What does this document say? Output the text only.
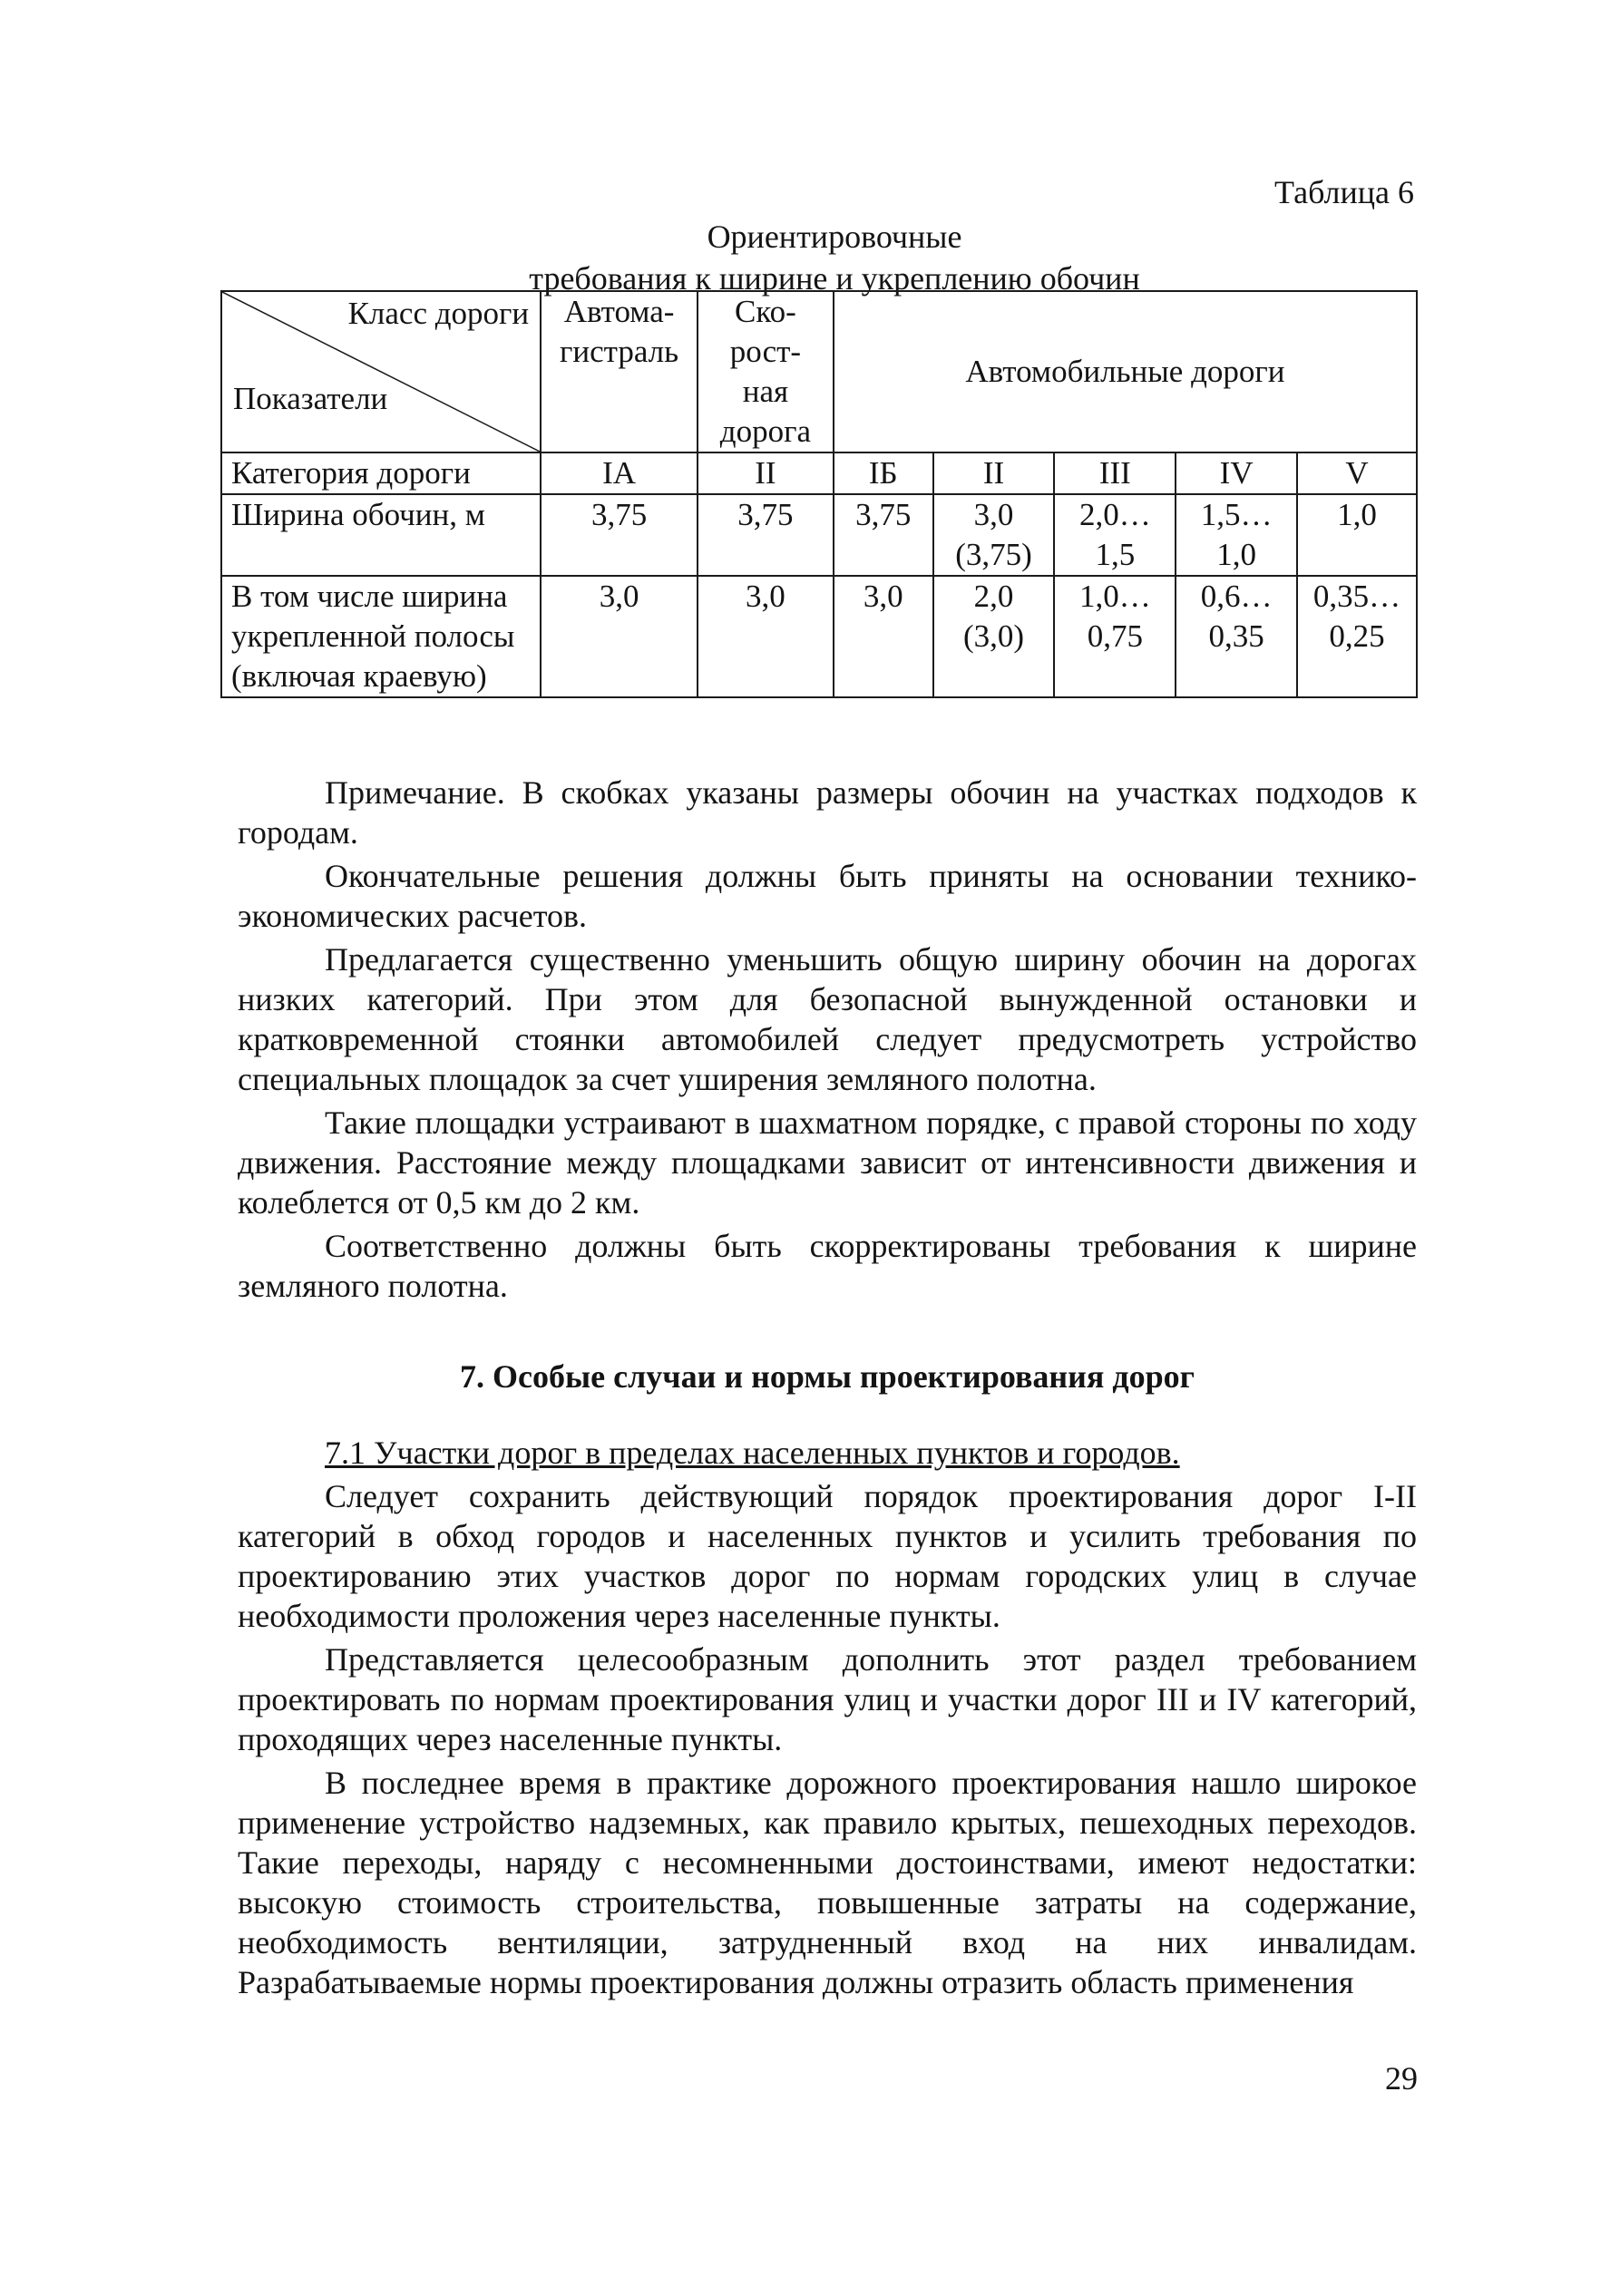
Таблица 6
Ориентировочные
требования к ширине и укреплению обочин
Класс дороги
Показатели	Автома-гистраль	Ско-рост-ная дорога	Автомобильные дороги				
Категория дороги	IA	II	IБ	II	III	IV	V
Ширина обочин, м	3,75	3,75	3,75	3,0 (3,75)	2,0… 1,5	1,5… 1,0	1,0
В том числе ширина укрепленной полосы (включая краевую)	3,0	3,0	3,0	2,0 (3,0)	1,0… 0,75	0,6… 0,35	0,35… 0,25

Примечание. В скобках указаны размеры обочин на участках подходов к городам.

Окончательные решения должны быть приняты на основании технико-экономических расчетов.

Предлагается существенно уменьшить общую ширину обочин на дорогах низких категорий. При этом для безопасной вынужденной остановки и кратковременной стоянки автомобилей следует предусмотреть устройство специальных площадок за счет уширения земляного полотна.

Такие площадки устраивают в шахматном порядке, с правой стороны по ходу движения. Расстояние между площадками зависит от интенсивности движения и колеблется от 0,5 км до 2 км.

Соответственно должны быть скорректированы требования к ширине земляного полотна.

7. Особые случаи и нормы проектирования дорог

7.1 Участки дорог в пределах населенных пунктов и городов.

Следует сохранить действующий порядок проектирования дорог I-II категорий в обход городов и населенных пунктов и усилить требования по проектированию этих участков дорог по нормам городских улиц в случае необходимости проложения через населенные пункты.

Представляется целесообразным дополнить этот раздел требованием проектировать по нормам проектирования улиц и участки дорог III и IV категорий, проходящих через населенные пункты.

В последнее время в практике дорожного проектирования нашло широкое применение устройство надземных, как правило крытых, пешеходных переходов. Такие переходы, наряду с несомненными достоинствами, имеют недостатки: высокую стоимость строительства, повышенные затраты на содержание, необходимость вентиляции, затрудненный вход на них инвалидам. Разрабатываемые нормы проектирования должны отразить область применения

29
